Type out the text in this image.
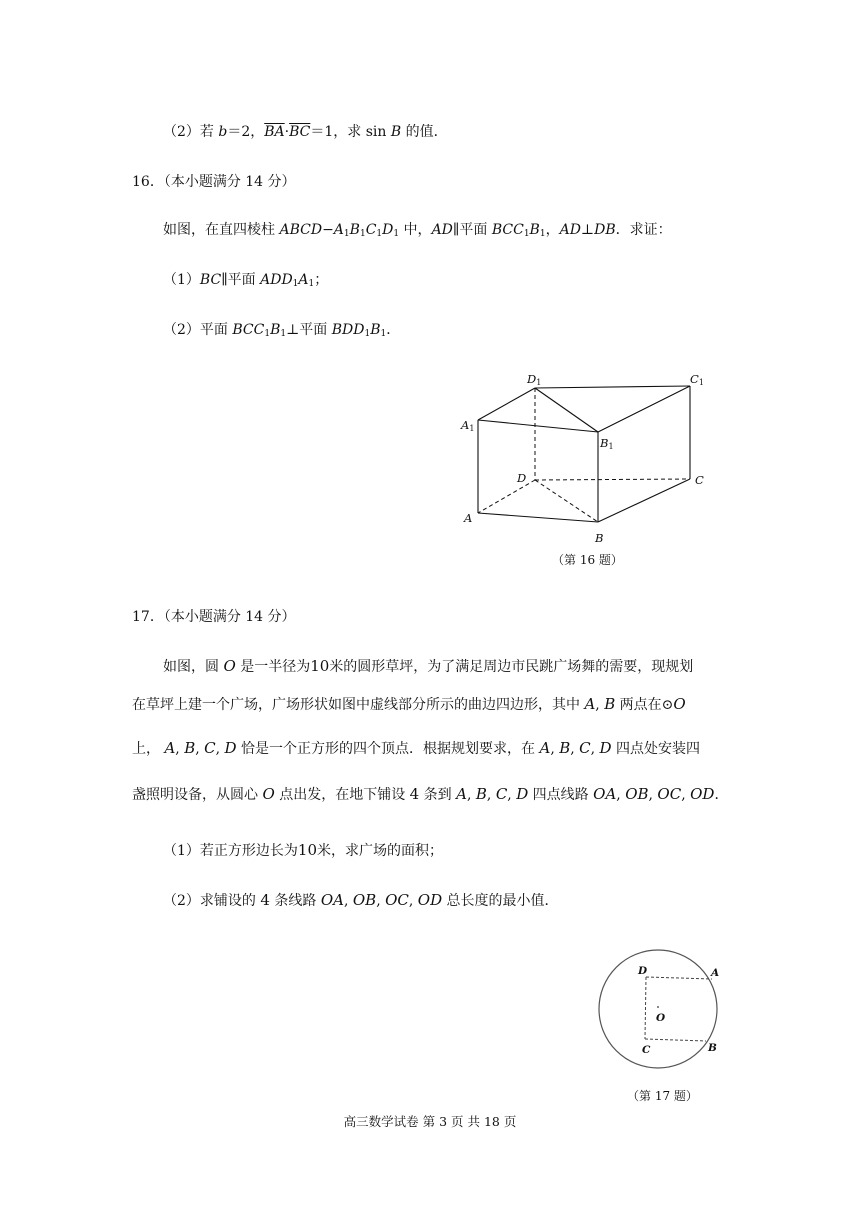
（2）若 b＝2，$\overline{BA}\cdot\overline{BC}=1$，求 sin B 的值．
16．（本小题满分 14 分）
如图，在直四棱柱 $ABCD-A_1B_1C_1D_1$ 中，AD∥平面 $BCC_1B_1$，AD⊥DB．求证：
（1）BC∥平面 $ADD_1A_1$；
（2）平面 $BCC_1B_1\perp$平面 $BDD_1B_1$．
D1	C1
A1
B1
D	C
A
B
（第 16 题）
17．（本小题满分 14 分）
如图，圆 O 是一半径为10米的圆形草坪，为了满足周边市民跳广场舞的需要，现规划
在草坪上建一个广场，广场形状如图中虚线部分所示的曲边四边形，其中 A, B 两点在⊙O
上， A, B, C, D 恰是一个正方形的四个顶点．根据规划要求，在 A, B, C, D 四点处安装四
盏照明设备，从圆心 O 点出发，在地下铺设 4 条到 A, B, C, D 四点线路 OA, OB, OC, OD．
（1）若正方形边长为10米，求广场的面积；
（2）求铺设的 4 条线路 OA, OB, OC, OD 总长度的最小值．
D	A
O
C	B
（第 17 题）
高三数学试卷 第 3 页 共 18 页
